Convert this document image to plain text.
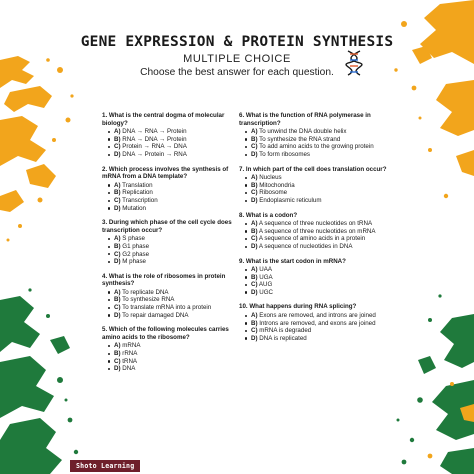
GENE EXPRESSION & PROTEIN SYNTHESIS
MULTIPLE CHOICE
Choose the best answer for each question.
1. What is the central dogma of molecular biology?
A) DNA → RNA → Protein
B) RNA → DNA → Protein
C) Protein → RNA → DNA
D) DNA → Protein → RNA
2. Which process involves the synthesis of mRNA from a DNA template?
A) Translation
B) Replication
C) Transcription
D) Mutation
3. During which phase of the cell cycle does transcription occur?
A) S phase
B) G1 phase
C) G2 phase
D) M phase
4. What is the role of ribosomes in protein synthesis?
A) To replicate DNA
B) To synthesize RNA
C) To translate mRNA into a protein
D) To repair damaged DNA
5. Which of the following molecules carries amino acids to the ribosome?
A) mRNA
B) rRNA
C) tRNA
D) DNA
6. What is the function of RNA polymerase in transcription?
A) To unwind the DNA double helix
B) To synthesize the RNA strand
C) To add amino acids to the growing protein
D) To form ribosomes
7. In which part of the cell does translation occur?
A) Nucleus
B) Mitochondria
C) Ribosome
D) Endoplasmic reticulum
8. What is a codon?
A) A sequence of three nucleotides on tRNA
B) A sequence of three nucleotides on mRNA
C) A sequence of amino acids in a protein
D) A sequence of nucleotides in DNA
9. What is the start codon in mRNA?
A) UAA
B) UGA
C) AUG
D) UGC
10. What happens during RNA splicing?
A) Exons are removed, and introns are joined
B) Introns are removed, and exons are joined
C) mRNA is degraded
D) DNA is replicated
Shoto Learning
